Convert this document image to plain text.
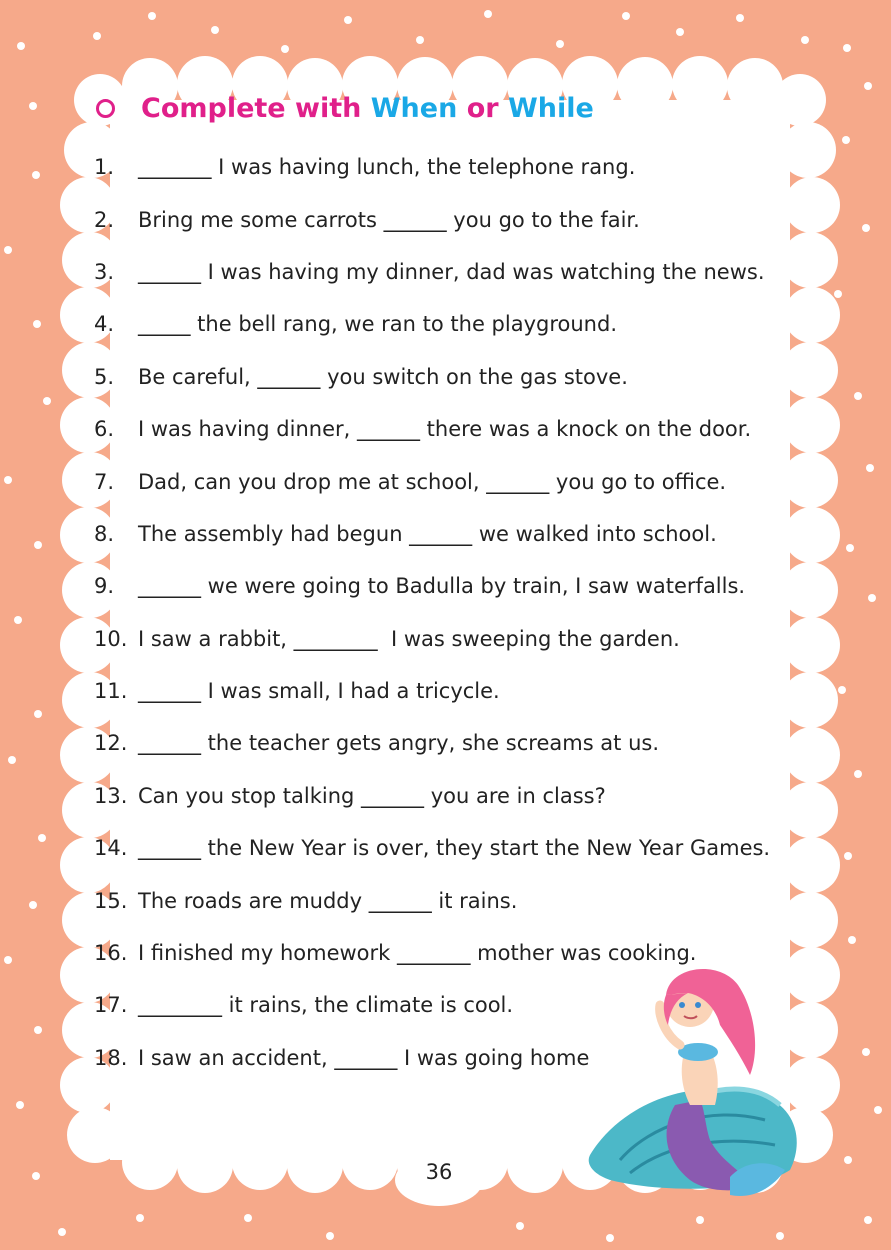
Complete with
When
or
While
1.	_______ I was having lunch, the telephone rang.
2.	Bring me some carrots ______ you go to the fair.
3.	______ I was having my dinner, dad was watching the news.
4.	_____ the bell rang, we ran to the playground.
5.	Be careful, ______ you switch on the gas stove.
6.	I was having dinner, ______ there was a knock on the door.
7.	Dad, can you drop me at school, ______ you go to office.
8.	The assembly had begun ______ we walked into school.
9.	______ we were going to Badulla by train, I saw waterfalls.
10. I saw a rabbit, ________  I was sweeping the garden.
11. ______ I was small, I had a tricycle.
12. ______ the teacher gets angry, she screams at us.
13. Can you stop talking ______ you are in class?
14. ______ the New Year is over, they start the New Year Games.
15. The roads are muddy ______ it rains.
16. I finished my homework _______ mother was cooking.
17. ________ it rains, the climate is cool.
18. I saw an accident, ______ I was going home
36
